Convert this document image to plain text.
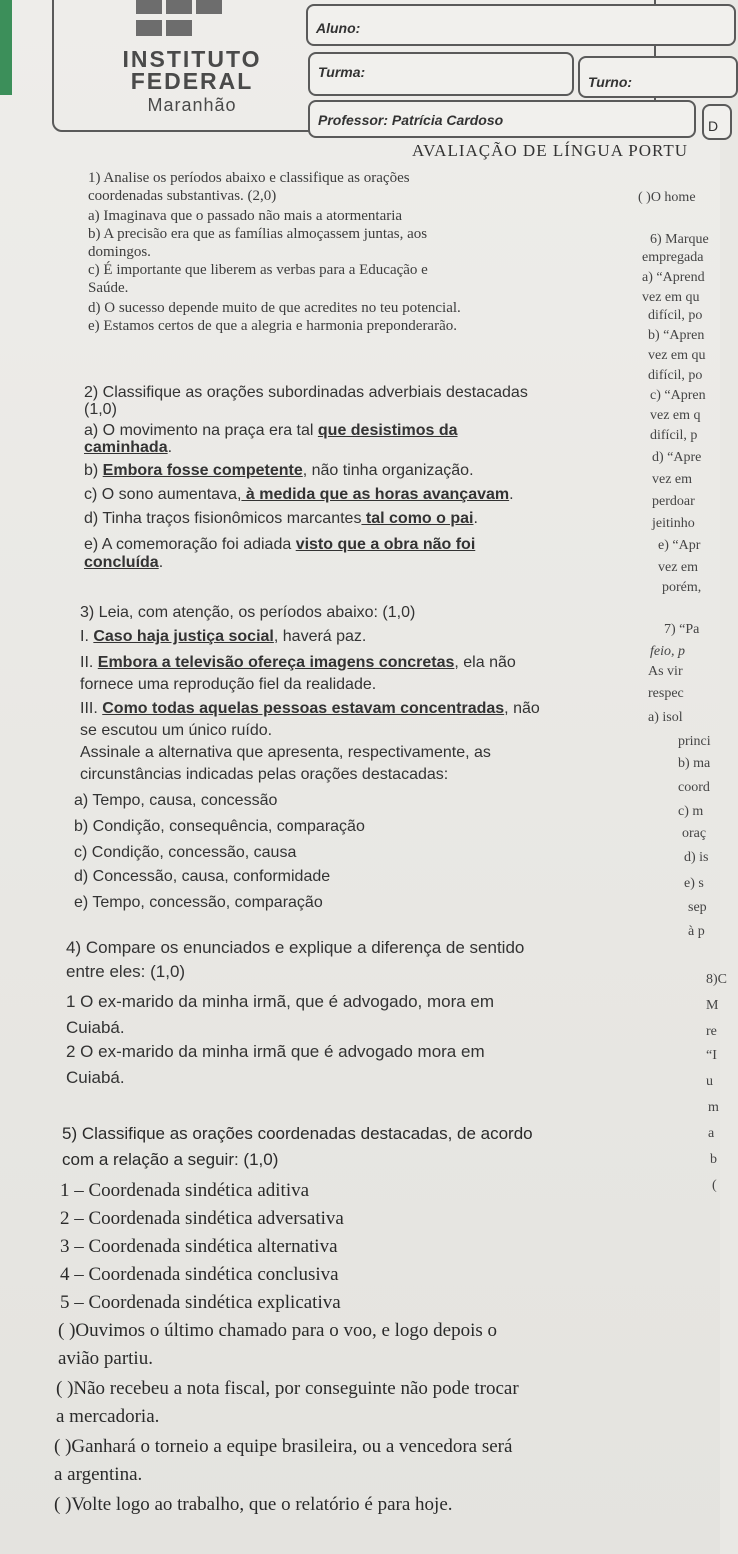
INSTITUTO
FEDERAL
Maranhão
Aluno:
Turma:
Turno:
Professor: Patrícia Cardoso	D
AVALIAÇÃO DE LÍNGUA PORTU
1) Analise os períodos abaixo e classifique as orações
coordenadas substantivas. (2,0)
a) Imaginava que o passado não mais a atormentaria
b) A precisão era que as famílias almoçassem juntas, aos
domingos.
c) É importante que liberem as verbas para a Educação e
Saúde.
d) O sucesso depende muito de que acredites no teu potencial.
e) Estamos certos de que a alegria e harmonia preponderarão.
2) Classifique as orações subordinadas adverbiais destacadas
(1,0)
a) O movimento na praça era tal que desistimos da
caminhada.
b) Embora fosse competente, não tinha organização.
c) O sono aumentava, à medida que as horas avançavam.
d) Tinha traços fisionômicos marcantes tal como o pai.
e) A comemoração foi adiada visto que a obra não foi
concluída.
3) Leia, com atenção, os períodos abaixo: (1,0)
I. Caso haja justiça social, haverá paz.
II. Embora a televisão ofereça imagens concretas, ela não
fornece uma reprodução fiel da realidade.
III. Como todas aquelas pessoas estavam concentradas, não
se escutou um único ruído.
Assinale a alternativa que apresenta, respectivamente, as
circunstâncias indicadas pelas orações destacadas:
a) Tempo, causa, concessão
b) Condição, consequência, comparação
c) Condição, concessão, causa
d) Concessão, causa, conformidade
e) Tempo, concessão, comparação
4) Compare os enunciados e explique a diferença de sentido
entre eles: (1,0)
1 O ex-marido da minha irmã, que é advogado, mora em
Cuiabá.
2 O ex-marido da minha irmã que é advogado mora em
Cuiabá.
5) Classifique as orações coordenadas destacadas, de acordo
com a relação a seguir: (1,0)
1 – Coordenada sindética aditiva
2 – Coordenada sindética adversativa
3 – Coordenada sindética alternativa
4 – Coordenada sindética conclusiva
5 – Coordenada sindética explicativa
( )Ouvimos o último chamado para o voo, e logo depois o
avião partiu.
( )Não recebeu a nota fiscal, por conseguinte não pode trocar
a mercadoria.
( )Ganhará o torneio a equipe brasileira, ou a vencedora será
a argentina.
( )Volte logo ao trabalho, que o relatório é para hoje.
( )O home
6) Marque
empregada
a) “Aprend
vez em qu
difícil, po
b) “Apren
vez em qu
difícil, po
c) “Apren
vez em q
difícil, p
d) “Apre
vez em
perdoar
jeitinho
e) “Apr
vez em
porém,
7) “Pa
feio, p
As vir
respec
a) isol
princi
b) ma
coord
c) m
oraç
d) is
e) s
sep
à p
8)C
M
re
“I
u
m
a
b
(
